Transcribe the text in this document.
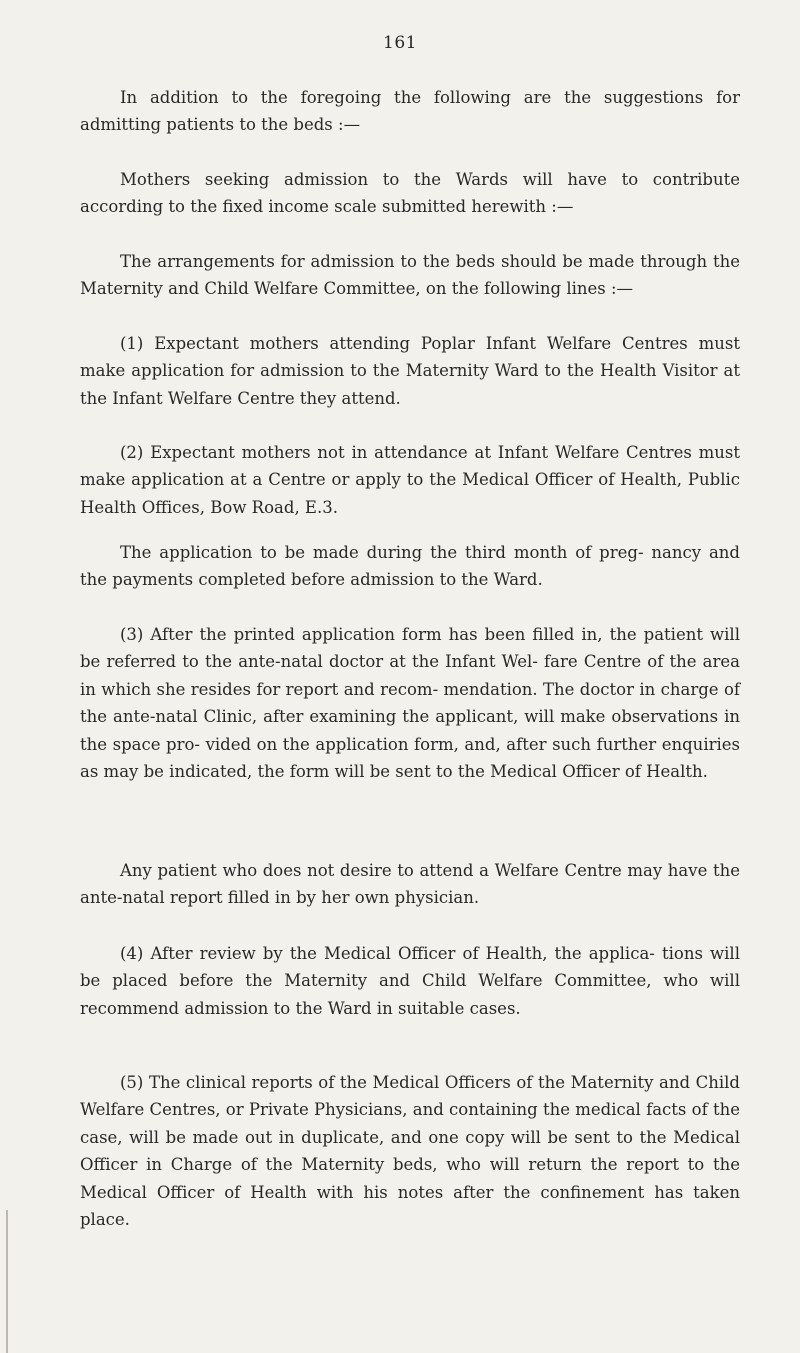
161

In addition to the foregoing the following are the suggestions for admitting patients to the beds :—

Mothers seeking admission to the Wards will have to contribute according to the fixed income scale submitted herewith :—

The arrangements for admission to the beds should be made through the Maternity and Child Welfare Committee, on the following lines :—

(1) Expectant mothers attending Poplar Infant Welfare Centres must make application for admission to the Maternity Ward to the Health Visitor at the Infant Welfare Centre they attend.

(2) Expectant mothers not in attendance at Infant Welfare Centres must make application at a Centre or apply to the Medical Officer of Health, Public Health Offices, Bow Road, E.3.

The application to be made during the third month of preg- nancy and the payments completed before admission to the Ward.

(3) After the printed application form has been filled in, the patient will be referred to the ante-natal doctor at the Infant Wel- fare Centre of the area in which she resides for report and recom- mendation. The doctor in charge of the ante-natal Clinic, after examining the applicant, will make observations in the space pro- vided on the application form, and, after such further enquiries as may be indicated, the form will be sent to the Medical Officer of Health.

Any patient who does not desire to attend a Welfare Centre may have the ante-natal report filled in by her own physician.

(4) After review by the Medical Officer of Health, the applica- tions will be placed before the Maternity and Child Welfare Committee, who will recommend admission to the Ward in suitable cases.

(5) The clinical reports of the Medical Officers of the Maternity and Child Welfare Centres, or Private Physicians, and containing the medical facts of the case, will be made out in duplicate, and one copy will be sent to the Medical Officer in Charge of the Maternity beds, who will return the report to the Medical Officer of Health with his notes after the confinement has taken place.
